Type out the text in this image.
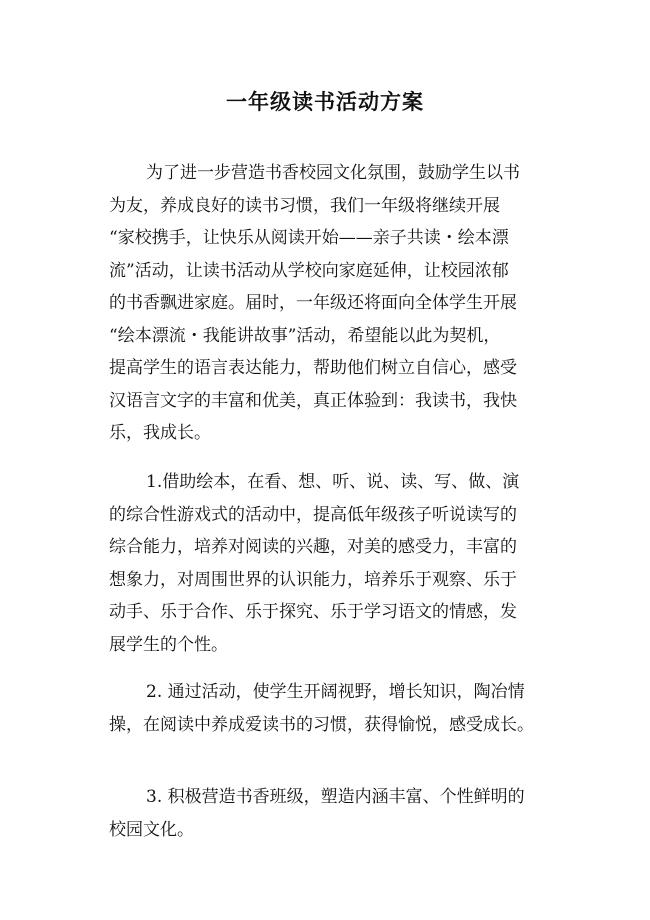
一年级读书活动方案
为了进一步营造书香校园文化氛围，鼓励学生以书
为友，养成良好的读书习惯，我们一年级将继续开展
“家校携手，让快乐从阅读开始——亲子共读・绘本漂
流”活动，让读书活动从学校向家庭延伸，让校园浓郁
的书香飘进家庭。届时，一年级还将面向全体学生开展
“绘本漂流・我能讲故事”活动，希望能以此为契机，
提高学生的语言表达能力，帮助他们树立自信心，感受
汉语言文字的丰富和优美，真正体验到：我读书，我快
乐，我成长。
1.借助绘本，在看、想、听、说、读、写、做、演
的综合性游戏式的活动中，提高低年级孩子听说读写的
综合能力，培养对阅读的兴趣，对美的感受力，丰富的
想象力，对周围世界的认识能力，培养乐于观察、乐于
动手、乐于合作、乐于探究、乐于学习语文的情感，发
展学生的个性。
2. 通过活动，使学生开阔视野，增长知识，陶冶情
操，在阅读中养成爱读书的习惯，获得愉悦，感受成长。
3. 积极营造书香班级，塑造内涵丰富、个性鲜明的
校园文化。
